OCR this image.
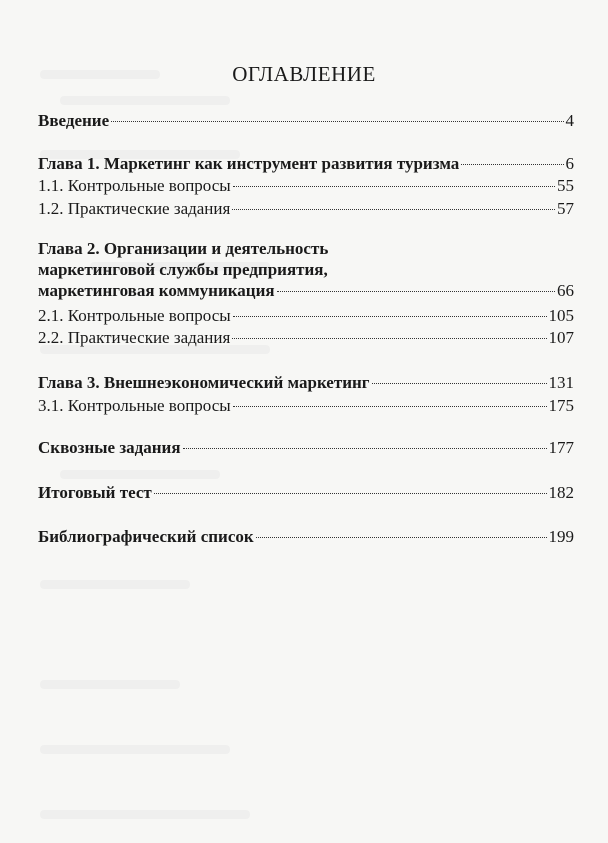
ОГЛАВЛЕНИЕ
Введение	4
Глава 1. Маркетинг как инструмент развития туризма	6
1.1. Контрольные вопросы	55
1.2. Практические задания	57
Глава 2. Организации и деятельность
маркетинговой службы предприятия,
маркетинговая коммуникация	66
2.1. Контрольные вопросы	105
2.2. Практические задания	107
Глава 3. Внешнеэкономический маркетинг	131
3.1. Контрольные вопросы	175
Сквозные задания	177
Итоговый тест	182
Библиографический список	199
